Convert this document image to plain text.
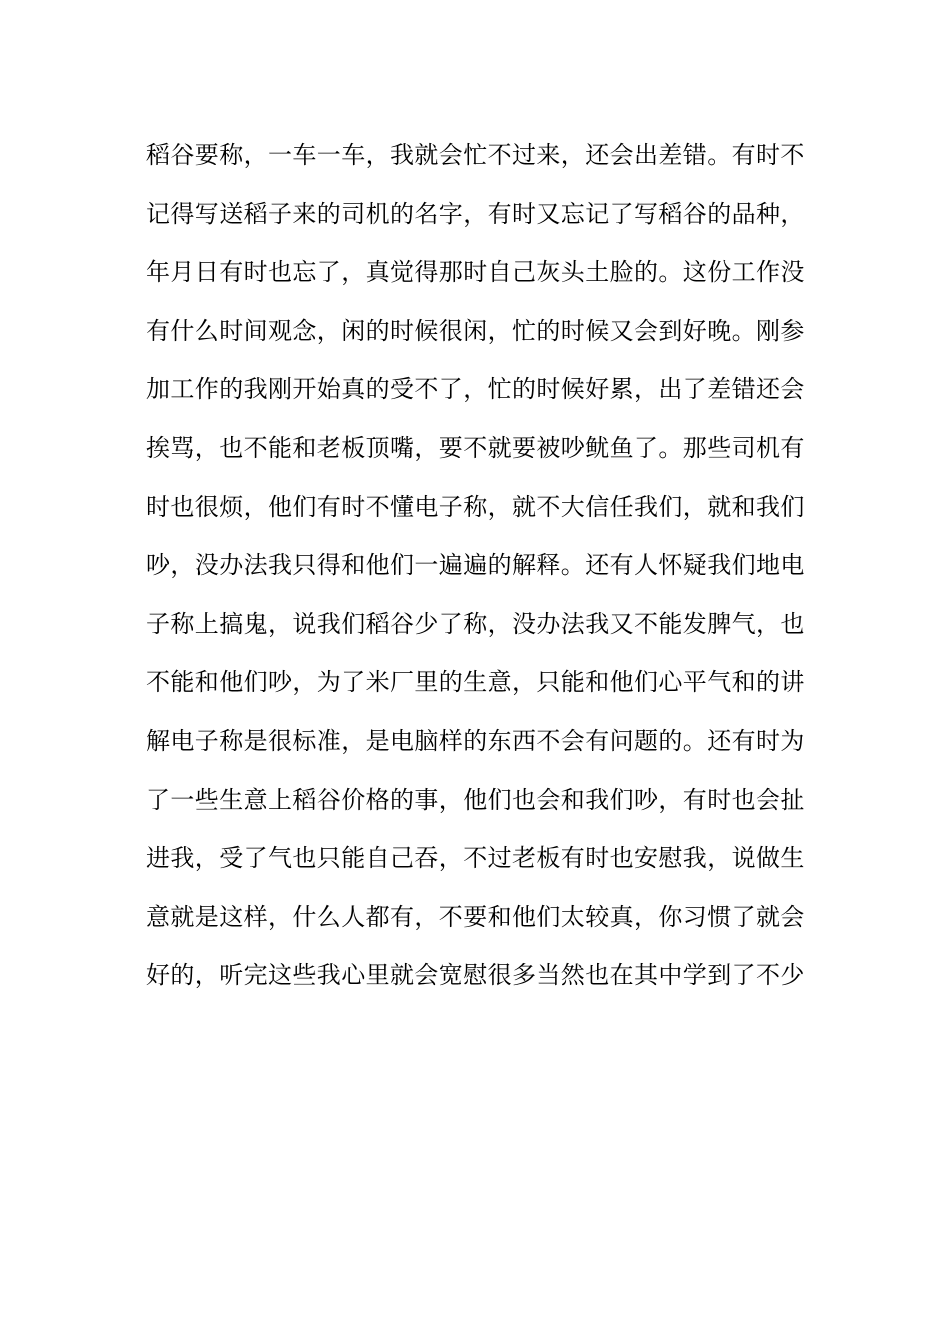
稻谷要称，一车一车，我就会忙不过来，还会出差错。有时不
记得写送稻子来的司机的名字，有时又忘记了写稻谷的品种，
年月日有时也忘了，真觉得那时自己灰头土脸的。这份工作没
有什么时间观念，闲的时候很闲，忙的时候又会到好晚。刚参
加工作的我刚开始真的受不了，忙的时候好累，出了差错还会
挨骂，也不能和老板顶嘴，要不就要被吵鱿鱼了。那些司机有
时也很烦，他们有时不懂电子称，就不大信任我们，就和我们
吵，没办法我只得和他们一遍遍的解释。还有人怀疑我们地电
子称上搞鬼，说我们稻谷少了称，没办法我又不能发脾气，也
不能和他们吵，为了米厂里的生意，只能和他们心平气和的讲
解电子称是很标准，是电脑样的东西不会有问题的。还有时为
了一些生意上稻谷价格的事，他们也会和我们吵，有时也会扯
进我，受了气也只能自己吞，不过老板有时也安慰我，说做生
意就是这样，什么人都有，不要和他们太较真，你习惯了就会
好的，听完这些我心里就会宽慰很多当然也在其中学到了不少
